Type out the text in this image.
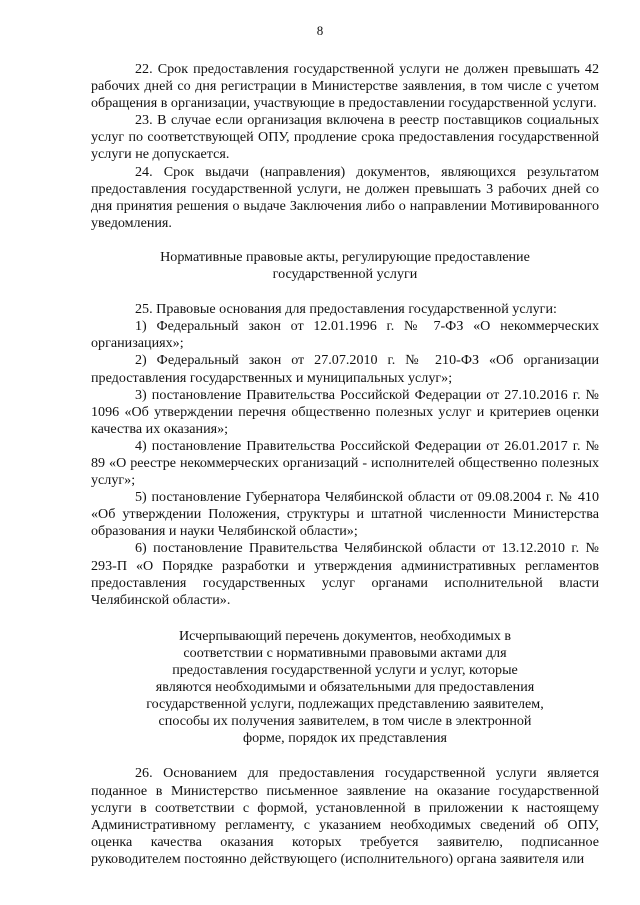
8

22. Срок предоставления государственной услуги не должен превышать 42 рабочих дней со дня регистрации в Министерстве заявления, в том числе с учетом обращения в организации, участвующие в предоставлении государственной услуги.

23. В случае если организация включена в реестр поставщиков социальных услуг по соответствующей ОПУ, продление срока предоставления государственной услуги не допускается.

24. Срок выдачи (направления) документов, являющихся результатом предоставления государственной услуги, не должен превышать 3 рабочих дней со дня принятия решения о выдаче Заключения либо о направлении Мотивированного уведомления.

Нормативные правовые акты, регулирующие предоставление государственной услуги

25. Правовые основания для предоставления государственной услуги:

1) Федеральный закон от 12.01.1996 г. № 7-ФЗ «О некоммерческих организациях»;

2) Федеральный закон от 27.07.2010 г. № 210-ФЗ «Об организации предоставления государственных и муниципальных услуг»;

3) постановление Правительства Российской Федерации от 27.10.2016 г. № 1096 «Об утверждении перечня общественно полезных услуг и критериев оценки качества их оказания»;

4) постановление Правительства Российской Федерации от 26.01.2017 г. № 89 «О реестре некоммерческих организаций - исполнителей общественно полезных услуг»;

5) постановление Губернатора Челябинской области от 09.08.2004 г. № 410 «Об утверждении Положения, структуры и штатной численности Министерства образования и науки Челябинской области»;

6) постановление Правительства Челябинской области от 13.12.2010 г. № 293-П «О Порядке разработки и утверждения административных регламентов предоставления государственных услуг органами исполнительной власти Челябинской области».

Исчерпывающий перечень документов, необходимых в соответствии с нормативными правовыми актами для предоставления государственной услуги и услуг, которые являются необходимыми и обязательными для предоставления государственной услуги, подлежащих представлению заявителем, способы их получения заявителем, в том числе в электронной форме, порядок их представления

26. Основанием для предоставления государственной услуги является поданное в Министерство письменное заявление на оказание государственной услуги в соответствии с формой, установленной в приложении к настоящему Административному регламенту, с указанием необходимых сведений об ОПУ, оценка качества оказания которых требуется заявителю, подписанное руководителем постоянно действующего (исполнительного) органа заявителя или
